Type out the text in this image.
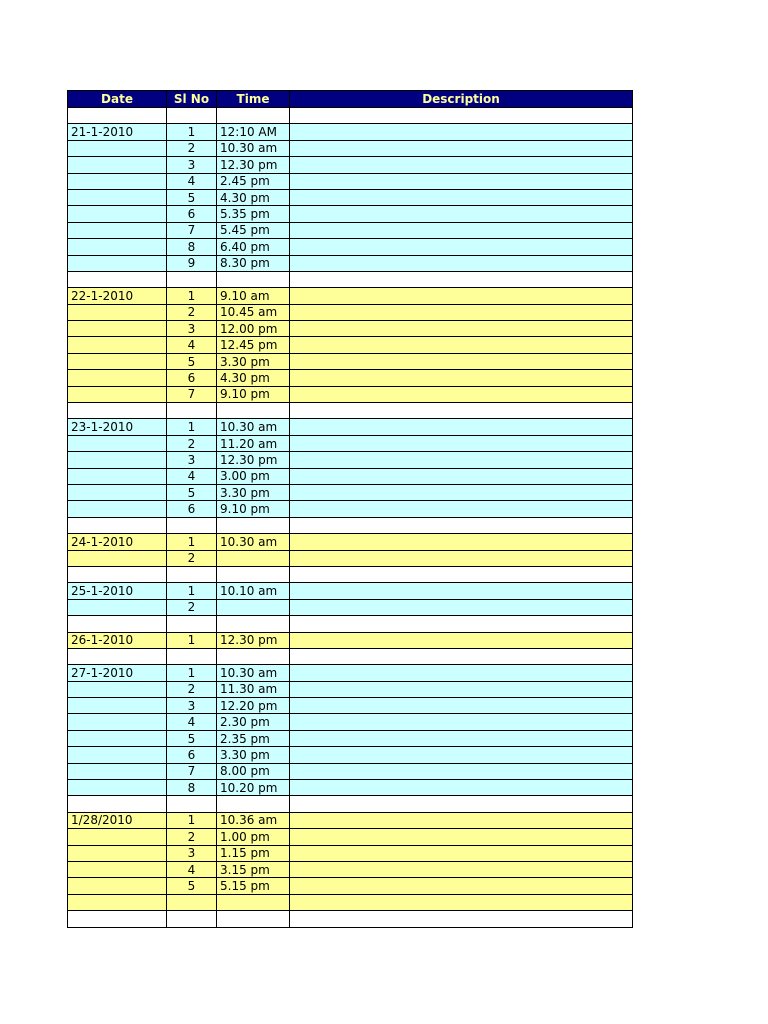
Date	Sl No	Time	Description

21-1-2010	1	12:10 AM	
	2	10.30 am	
	3	12.30 pm	
	4	2.45 pm	
	5	4.30 pm	
	6	5.35 pm	
	7	5.45 pm	
	8	6.40 pm	
	9	8.30 pm	

22-1-2010	1	9.10 am	
	2	10.45 am	
	3	12.00 pm	
	4	12.45 pm	
	5	3.30 pm	
	6	4.30 pm	
	7	9.10 pm	

23-1-2010	1	10.30 am	
	2	11.20 am	
	3	12.30 pm	
	4	3.00 pm	
	5	3.30 pm	
	6	9.10 pm	

24-1-2010	1	10.30 am	
	2		

25-1-2010	1	10.10 am	
	2		

26-1-2010	1	12.30 pm	

27-1-2010	1	10.30 am	
	2	11.30 am	
	3	12.20 pm	
	4	2.30 pm	
	5	2.35 pm	
	6	3.30 pm	
	7	8.00 pm	
	8	10.20 pm	

1/28/2010	1	10.36 am	
	2	1.00 pm	
	3	1.15 pm	
	4	3.15 pm	
	5	5.15 pm	
